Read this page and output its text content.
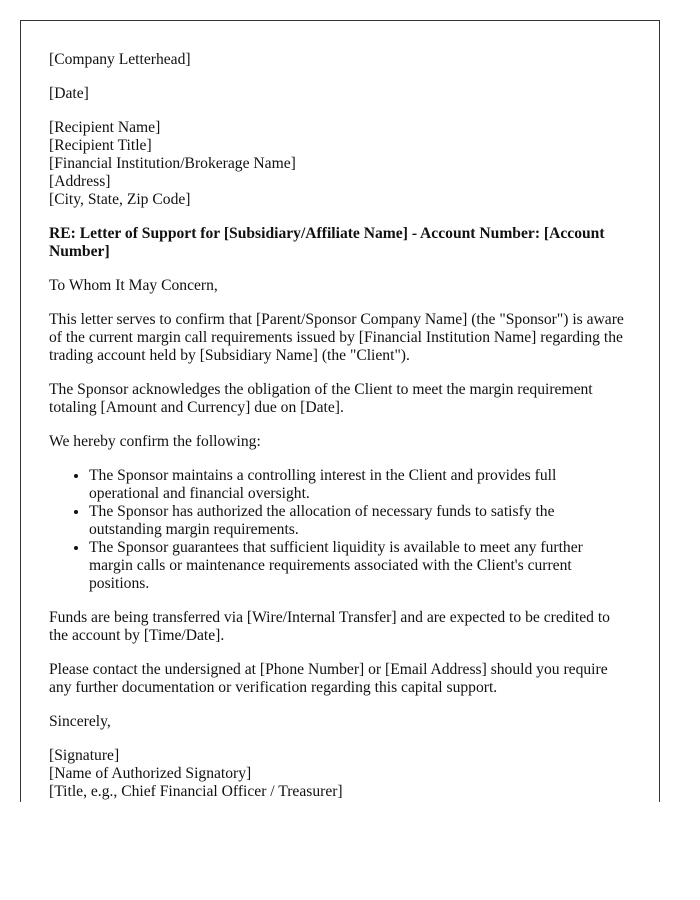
[Company Letterhead]

[Date]

[Recipient Name]
[Recipient Title]
[Financial Institution/Brokerage Name]
[Address]
[City, State, Zip Code]

RE: Letter of Support for [Subsidiary/Affiliate Name] - Account Number: [Account Number]

To Whom It May Concern,

This letter serves to confirm that [Parent/Sponsor Company Name] (the "Sponsor") is aware of the current margin call requirements issued by [Financial Institution Name] regarding the trading account held by [Subsidiary Name] (the "Client").

The Sponsor acknowledges the obligation of the Client to meet the margin requirement totaling [Amount and Currency] due on [Date].

We hereby confirm the following:

• The Sponsor maintains a controlling interest in the Client and provides full operational and financial oversight.
• The Sponsor has authorized the allocation of necessary funds to satisfy the outstanding margin requirements.
• The Sponsor guarantees that sufficient liquidity is available to meet any further margin calls or maintenance requirements associated with the Client's current positions.

Funds are being transferred via [Wire/Internal Transfer] and are expected to be credited to the account by [Time/Date].

Please contact the undersigned at [Phone Number] or [Email Address] should you require any further documentation or verification regarding this capital support.

Sincerely,

[Signature]
[Name of Authorized Signatory]
[Title, e.g., Chief Financial Officer / Treasurer]
